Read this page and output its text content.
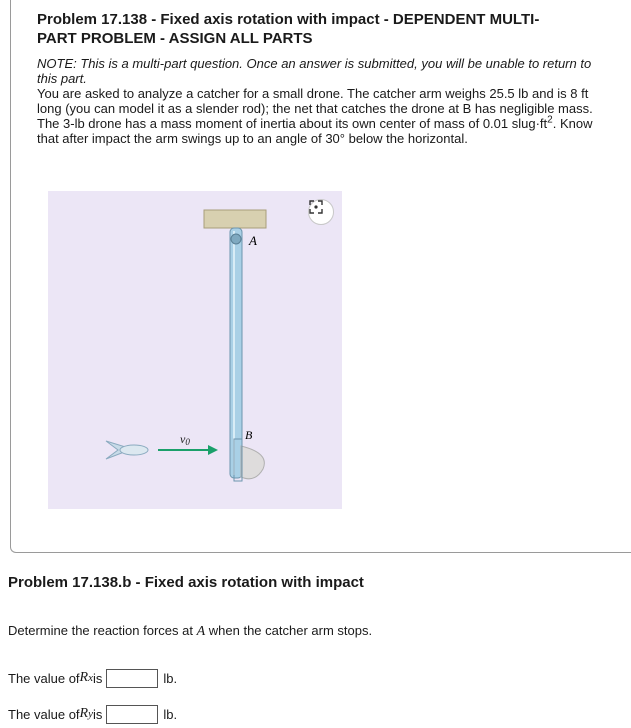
Problem 17.138 - Fixed axis rotation with impact - DEPENDENT MULTI-
PART PROBLEM - ASSIGN ALL PARTS

NOTE: This is a multi-part question. Once an answer is submitted, you will be unable to return to this part.

You are asked to analyze a catcher for a small drone. The catcher arm weighs 25.5 lb and is 8 ft long (you can model it as a slender rod); the net that catches the drone at B has negligible mass. The 3-lb drone has a mass moment of inertia about its own center of mass of 0.01 $slug\cdot ft^2$. Know that after impact the arm swings up to an angle of 30° below the horizontal.

A
B
v0
Problem 17.138.b - Fixed axis rotation with impact

Determine the reaction forces at A when the catcher arm stops.

The value of R x is	lb.
The value of R y is	lb.
